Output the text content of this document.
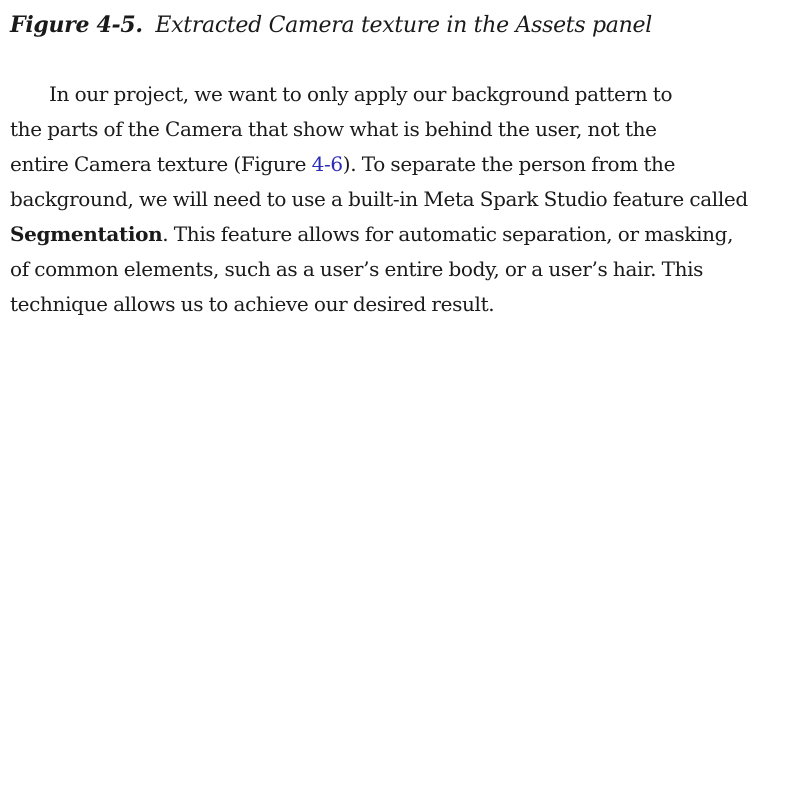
Figure 4-5. Extracted Camera texture in the Assets panel

In our project, we want to only apply our background pattern to
the parts of the Camera that show what is behind the user, not the
entire Camera texture (Figure 4-6). To separate the person from the
background, we will need to use a built-in Meta Spark Studio feature called
Segmentation. This feature allows for automatic separation, or masking,
of common elements, such as a user’s entire body, or a user’s hair. This
technique allows us to achieve our desired result.
